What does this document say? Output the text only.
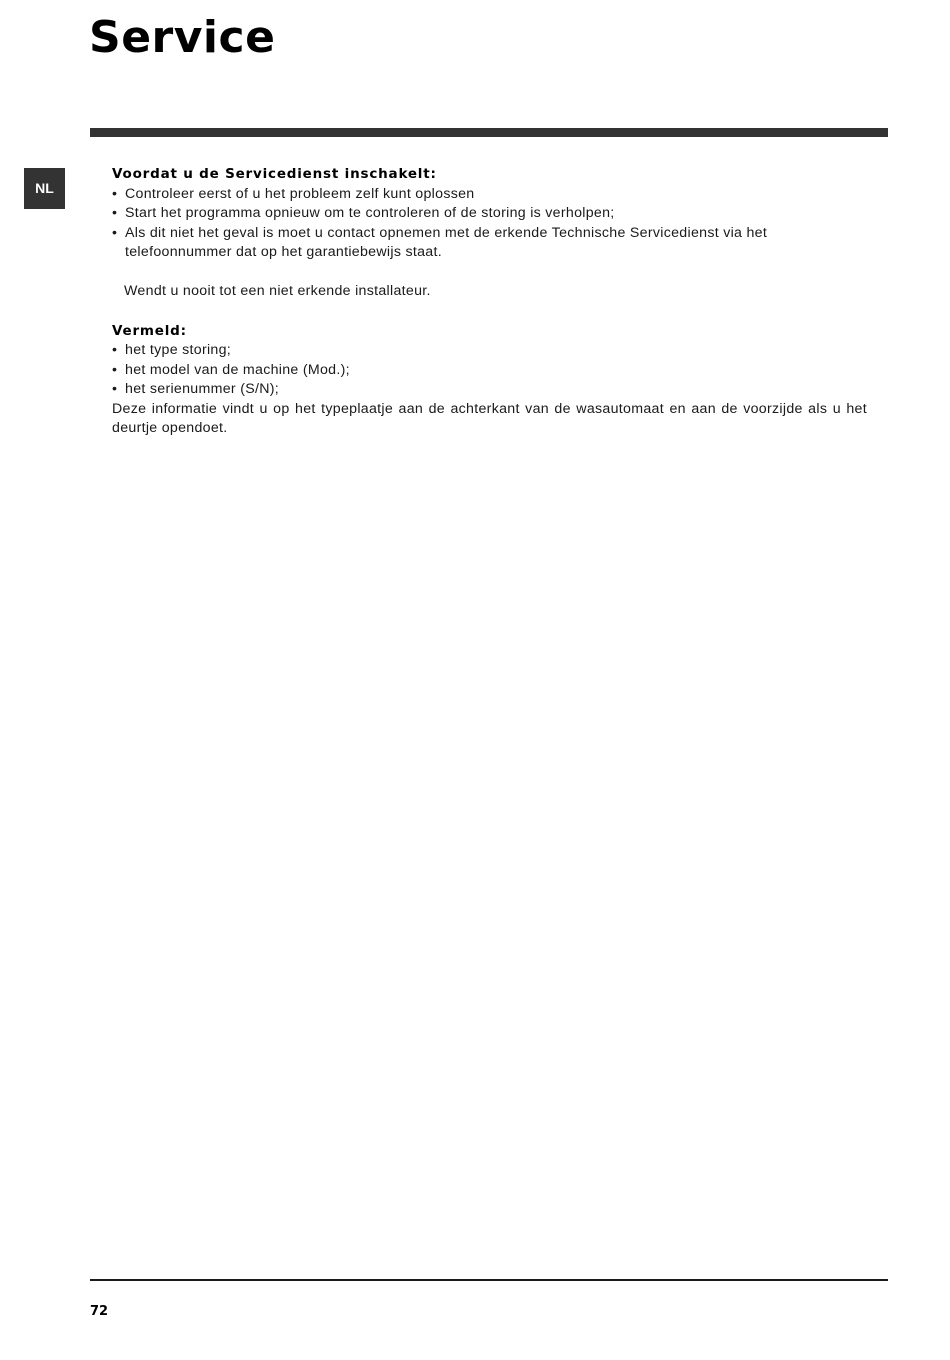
Service
NL

Voordat u de Servicedienst inschakelt:

• Controleer eerst of u het probleem zelf kunt oplossen
• Start het programma opnieuw om te controleren of de storing is verholpen;
• Als dit niet het geval is moet u contact opnemen met de erkende Technische Servicedienst via het telefoonnummer dat op het garantiebewijs staat.

Wendt u nooit tot een niet erkende installateur.

Vermeld:

• het type storing;
• het model van de machine (Mod.);
• het serienummer (S/N);

Deze informatie vindt u op het typeplaatje aan de achterkant van de wasautomaat en aan de voorzijde als u het deurtje opendoet.

72
